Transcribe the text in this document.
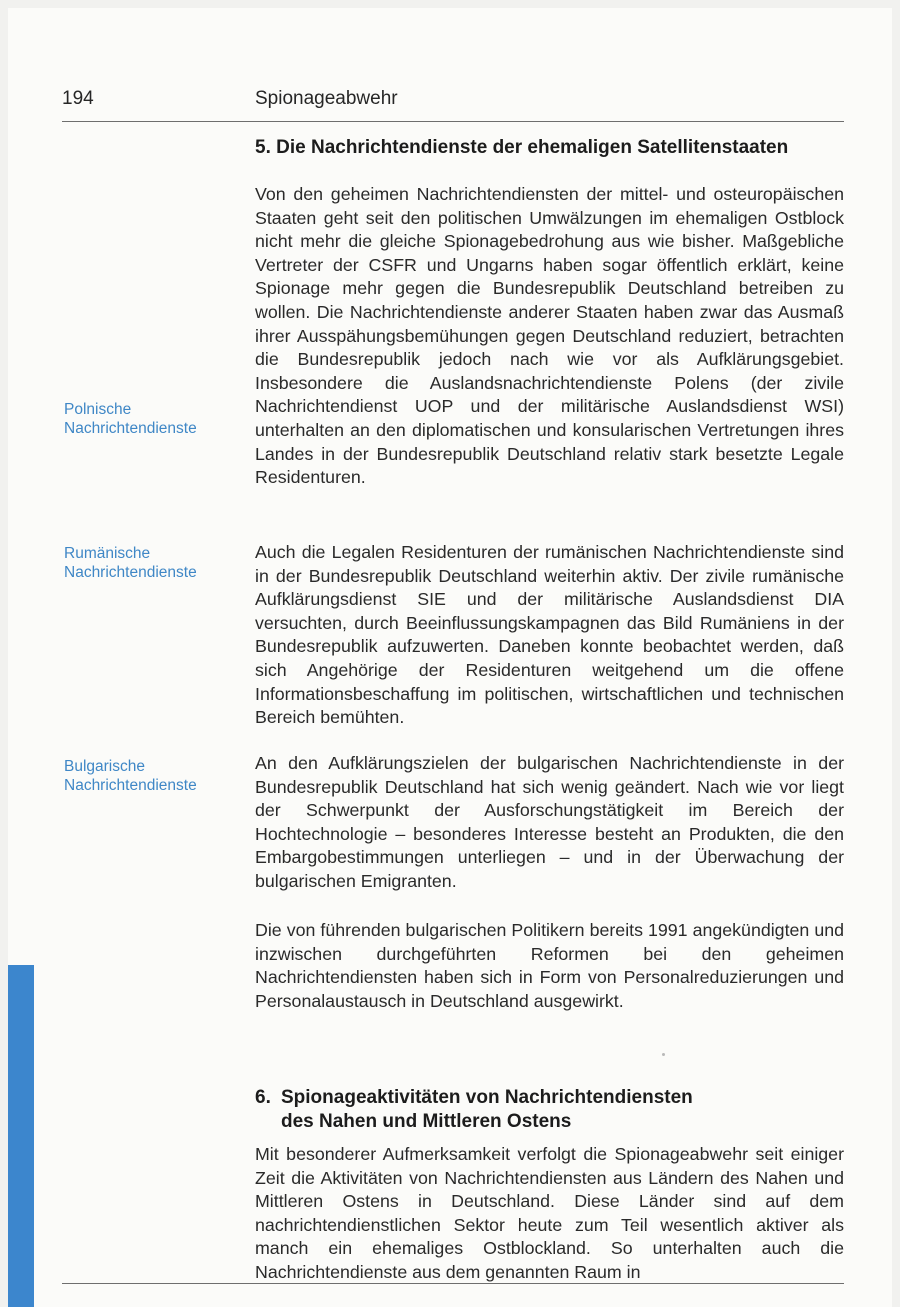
194	Spionageabwehr
5. Die Nachrichtendienste der ehemaligen Satellitenstaaten

Von den geheimen Nachrichtendiensten der mittel- und osteuropäischen Staaten geht seit den politischen Umwälzungen im ehemaligen Ostblock nicht mehr die gleiche Spionagebedrohung aus wie bisher. Maßgebliche Vertreter der CSFR und Ungarns haben sogar öffentlich erklärt, keine Spionage mehr gegen die Bundesrepublik Deutschland betreiben zu wollen. Die Nachrichtendienste anderer Staaten haben zwar das Ausmaß ihrer Ausspähungsbemühungen gegen Deutschland reduziert, betrachten die Bundesrepublik jedoch nach wie vor als Aufklärungsgebiet. Insbesondere die Auslandsnachrichtendienste Polens (der zivile Nachrichtendienst UOP und der militärische Auslandsdienst WSI) unterhalten an den diplomatischen und konsularischen Vertretungen ihres Landes in der Bundesrepublik Deutschland relativ stark besetzte Legale Residenturen.

Polnische
Nachrichtendienste

Auch die Legalen Residenturen der rumänischen Nachrichtendienste sind in der Bundesrepublik Deutschland weiterhin aktiv. Der zivile rumänische Aufklärungsdienst SIE und der militärische Auslandsdienst DIA versuchten, durch Beeinflussungskampagnen das Bild Rumäniens in der Bundesrepublik aufzuwerten. Daneben konnte beobachtet werden, daß sich Angehörige der Residenturen weitgehend um die offene Informationsbeschaffung im politischen, wirtschaftlichen und technischen Bereich bemühten.

Rumänische
Nachrichtendienste

An den Aufklärungszielen der bulgarischen Nachrichtendienste in der Bundesrepublik Deutschland hat sich wenig geändert. Nach wie vor liegt der Schwerpunkt der Ausforschungstätigkeit im Bereich der Hochtechnologie – besonderes Interesse besteht an Produkten, die den Embargobestimmungen unterliegen – und in der Überwachung der bulgarischen Emigranten.

Bulgarische
Nachrichtendienste

Die von führenden bulgarischen Politikern bereits 1991 angekündigten und inzwischen durchgeführten Reformen bei den geheimen Nachrichtendiensten haben sich in Form von Personalreduzierungen und Personalaustausch in Deutschland ausgewirkt.

6. Spionageaktivitäten von Nachrichtendiensten
des Nahen und Mittleren Ostens

Mit besonderer Aufmerksamkeit verfolgt die Spionageabwehr seit einiger Zeit die Aktivitäten von Nachrichtendiensten aus Ländern des Nahen und Mittleren Ostens in Deutschland. Diese Länder sind auf dem nachrichtendienstlichen Sektor heute zum Teil wesentlich aktiver als manch ein ehemaliges Ostblockland. So unterhalten auch die Nachrichtendienste aus dem genannten Raum in
